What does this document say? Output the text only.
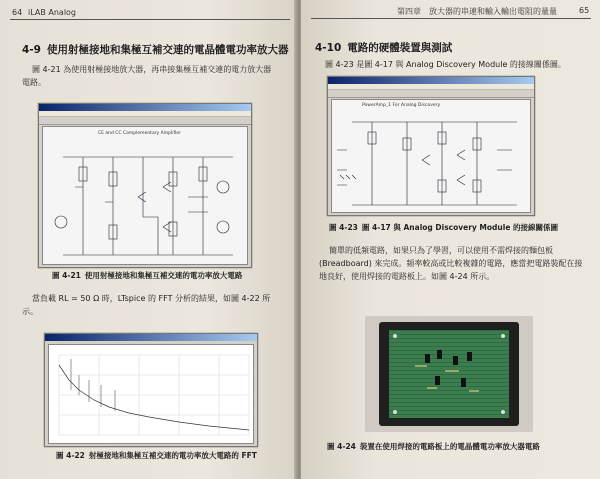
64 iLAB Analog
4-9 使用射極接地和集極互補交連的電晶體電功率放大器
圖 4-21 為使用射極接地放大器，再串接集極互補交連的電力放大器
電路。
CE and CC Complementary Amplifier
圖 4-21 使用射極接地和集極互補交連的電功率放大電路
當負載 RL = 50 Ω 時，LTspice 的 FFT 分析的結果，如圖 4-22 所
示。
圖 4-22 射極接地和集極互補交連的電功率放大電路的 FFT
第四章　放大器的串連和輸入輸出電阻的量量	65
4-10 電路的硬體裝置與測試
圖 4-23 是圖 4-17 與 Analog Discovery Module 的接線關係圖。
PowerAmp_1 For Analog Discovery
圖 4-23 圖 4-17 與 Analog Discovery Module 的接線關係圖
簡單的低頻電路，如果只為了學習，可以使用不需焊接的麵包板
(Breadboard) 來完成。頻率較高或比較複雜的電路，應當把電路裝配在接
地良好，使用焊接的電路板上。如圖 4-24 所示。
圖 4-24 裝置在使用焊接的電路板上的電晶體電功率放大器電路
